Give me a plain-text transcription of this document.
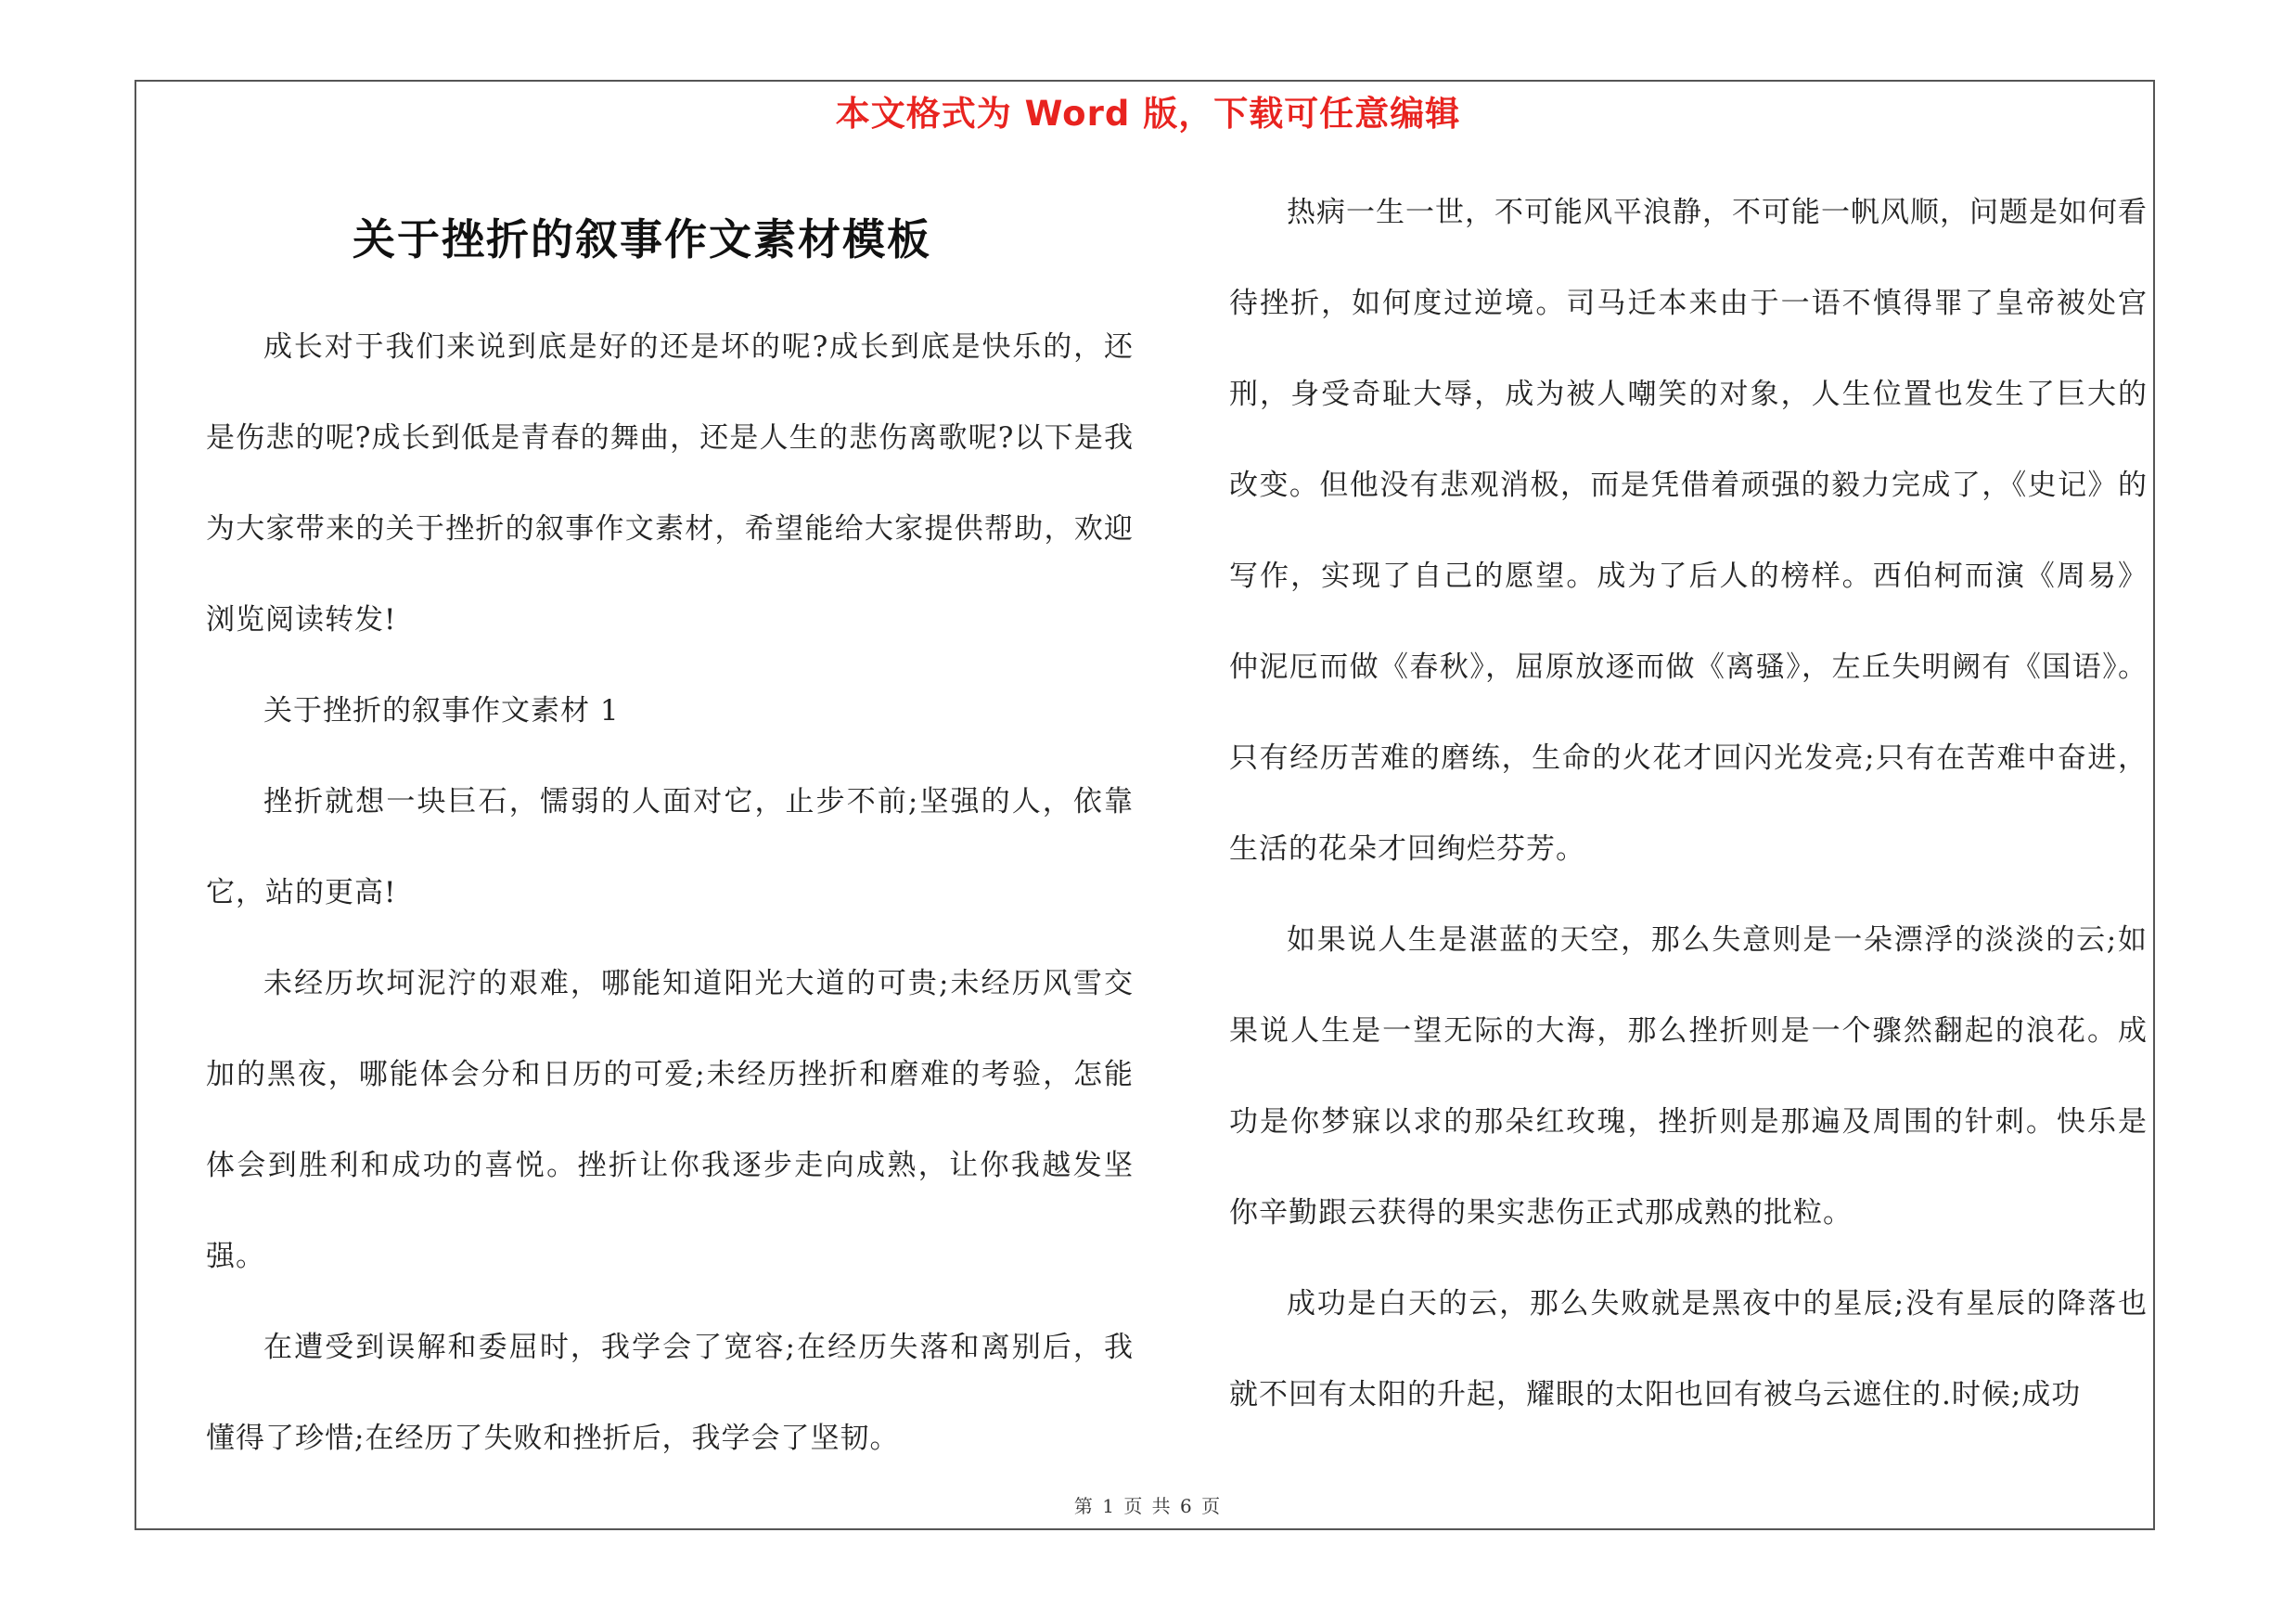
本文格式为 Word 版，下载可任意编辑
关于挫折的叙事作文素材模板

成长对于我们来说到底是好的还是坏的呢?成长到底是快乐的，还是伤悲的呢?成长到低是青春的舞曲，还是人生的悲伤离歌呢?以下是我为大家带来的关于挫折的叙事作文素材，希望能给大家提供帮助，欢迎浏览阅读转发!

关于挫折的叙事作文素材 1

挫折就想一块巨石，懦弱的人面对它，止步不前;坚强的人，依靠它，站的更高!

未经历坎坷泥泞的艰难，哪能知道阳光大道的可贵;未经历风雪交加的黑夜，哪能体会分和日历的可爱;未经历挫折和磨难的考验，怎能体会到胜利和成功的喜悦。挫折让你我逐步走向成熟，让你我越发坚强。

在遭受到误解和委屈时，我学会了宽容;在经历失落和离别后，我懂得了珍惜;在经历了失败和挫折后，我学会了坚韧。

热病一生一世，不可能风平浪静，不可能一帆风顺，问题是如何看待挫折，如何度过逆境。司马迁本来由于一语不慎得罪了皇帝被处宫刑，身受奇耻大辱，成为被人嘲笑的对象，人生位置也发生了巨大的改变。但他没有悲观消极，而是凭借着顽强的毅力完成了，《史记》的写作，实现了自己的愿望。成为了后人的榜样。西伯柯而演《周易》仲泥厄而做《春秋》，屈原放逐而做《离骚》，左丘失明阙有《国语》。只有经历苦难的磨练，生命的火花才回闪光发亮;只有在苦难中奋进，生活的花朵才回绚烂芬芳。

如果说人生是湛蓝的天空，那么失意则是一朵漂浮的淡淡的云;如果说人生是一望无际的大海，那么挫折则是一个骤然翻起的浪花。成功是你梦寐以求的那朵红玫瑰，挫折则是那遍及周围的针刺。快乐是你辛勤跟云获得的果实悲伤正式那成熟的批粒。

成功是白天的云，那么失败就是黑夜中的星辰;没有星辰的降落也就不回有太阳的升起，耀眼的太阳也回有被乌云遮住的.时候;成功

第 1 页 共 6 页
